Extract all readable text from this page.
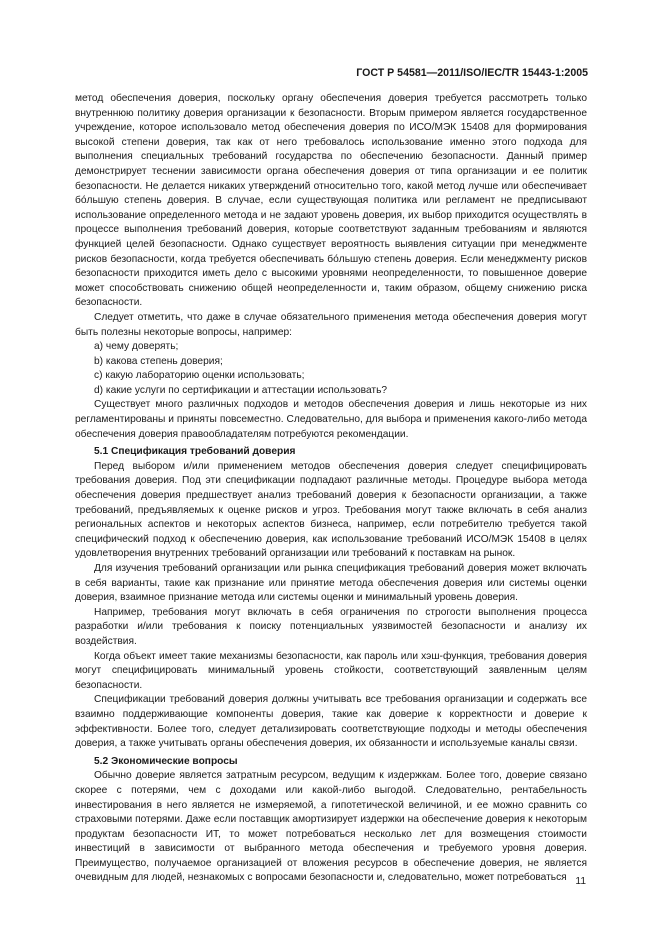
ГОСТ Р 54581—2011/ISO/IEC/TR 15443-1:2005

метод обеспечения доверия, поскольку органу обеспечения доверия требуется рассмотреть только внутреннюю политику доверия организации к безопасности. Вторым примером является государственное учреждение, которое использовало метод обеспечения доверия по ИСО/МЭК 15408 для формирования высокой степени доверия, так как от него требовалось использование именно этого подхода для выполнения специальных требований государства по обеспечению безопасности. Данный пример демонстрирует теснении зависимости органа обеспечения доверия от типа организации и ее политик безопасности. Не делается никаких утверждений относительно того, какой метод лучше или обеспечивает бо́льшую степень доверия. В случае, если существующая политика или регламент не предписывают использование определенного метода и не задают уровень доверия, их выбор приходится осуществлять в процессе выполнения требований доверия, которые соответствуют заданным требованиям и являются функцией целей безопасности. Однако существует вероятность выявления ситуации при менеджменте рисков безопасности, когда требуется обеспечивать бо́льшую степень доверия. Если менеджменту рисков безопасности приходится иметь дело с высокими уровнями неопределенности, то повышенное доверие может способствовать снижению общей неопределенности и, таким образом, общему снижению риска безопасности.

Следует отметить, что даже в случае обязательного применения метода обеспечения доверия могут быть полезны некоторые вопросы, например:

a) чему доверять;

b) какова степень доверия;

c) какую лабораторию оценки использовать;

d) какие услуги по сертификации и аттестации использовать?

Существует много различных подходов и методов обеспечения доверия и лишь некоторые из них регламентированы и приняты повсеместно. Следовательно, для выбора и применения какого-либо метода обеспечения доверия правообладателям потребуются рекомендации.

5.1 Спецификация требований доверия

Перед выбором и/или применением методов обеспечения доверия следует специфицировать требования доверия. Под эти спецификации подпадают различные методы. Процедуре выбора метода обеспечения доверия предшествует анализ требований доверия к безопасности организации, а также требований, предъявляемых к оценке рисков и угроз. Требования могут также включать в себя анализ региональных аспектов и некоторых аспектов бизнеса, например, если потребителю требуется такой специфический подход к обеспечению доверия, как использование требований ИСО/МЭК 15408 в целях удовлетворения внутренних требований организации или требований к поставкам на рынок.

Для изучения требований организации или рынка спецификация требований доверия может включать в себя варианты, такие как признание или принятие метода обеспечения доверия или системы оценки доверия, взаимное признание метода или системы оценки и минимальный уровень доверия.

Например, требования могут включать в себя ограничения по строгости выполнения процесса разработки и/или требования к поиску потенциальных уязвимостей безопасности и анализу их воздействия.

Когда объект имеет такие механизмы безопасности, как пароль или хэш-функция, требования доверия могут специфицировать минимальный уровень стойкости, соответствующий заявленным целям безопасности.

Спецификации требований доверия должны учитывать все требования организации и содержать все взаимно поддерживающие компоненты доверия, такие как доверие к корректности и доверие к эффективности. Более того, следует детализировать соответствующие подходы и методы обеспечения доверия, а также учитывать органы обеспечения доверия, их обязанности и используемые каналы связи.

5.2 Экономические вопросы

Обычно доверие является затратным ресурсом, ведущим к издержкам. Более того, доверие связано скорее с потерями, чем с доходами или какой-либо выгодой. Следовательно, рентабельность инвестирования в него является не измеряемой, а гипотетической величиной, и ее можно сравнить со страховыми потерями. Даже если поставщик амортизирует издержки на обеспечение доверия к некоторым продуктам безопасности ИТ, то может потребоваться несколько лет для возмещения стоимости инвестиций в зависимости от выбранного метода обеспечения и требуемого уровня доверия. Преимущество, получаемое организацией от вложения ресурсов в обеспечение доверия, не является очевидным для людей, незнакомых с вопросами безопасности и, следовательно, может потребоваться 11
